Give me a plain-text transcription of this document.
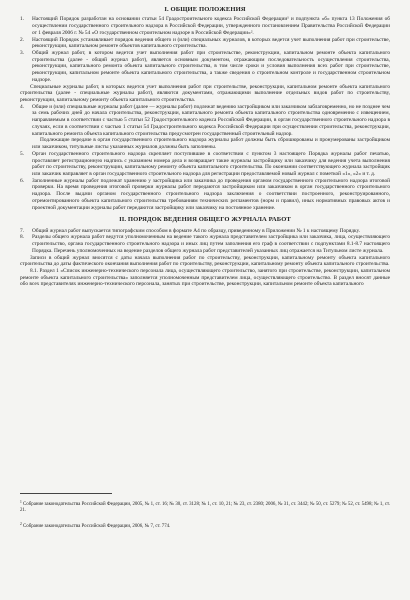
I. ОБЩИЕ ПОЛОЖЕНИЯ

1. Настоящий Порядок разработан на основании статьи 54 Градостроительного кодекса Российской Федерации¹ и подпункта «б» пункта 13 Положения об осуществлении государственного строительного надзора в Российской Федерации, утвержденного постановлением Правительства Российской Федерации от 1 февраля 2006 г. № 54 «О государственном строительном надзоре в Российской Федерации»².

2. Настоящий Порядок устанавливает порядок ведения общего и (или) специальных журналов, в которых ведется учет выполнения работ при строительстве, реконструкции, капитальном ремонте объектов капитального строительства.

3. Общий журнал работ, в котором ведется учет выполнения работ при строительстве, реконструкции, капитальном ремонте объекта капитального строительства (далее - общий журнал работ), является основным документом, отражающим последовательность осуществления строительства, реконструкции, капитального ремонта объекта капитального строительства, в том числе сроки и условия выполнения всех работ при строительстве, реконструкции, капитальном ремонте объекта капитального строительства, а также сведения о строительном контроле и государственном строительном надзоре.

Специальные журналы работ, в которых ведется учет выполнения работ при строительстве, реконструкции, капитальном ремонте объекта капитального строительства (далее - специальные журналы работ), являются документами, отражающими выполнение отдельных видов работ по строительству, реконструкции, капитальному ремонту объекта капитального строительства.

4. Общие и (или) специальные журналы работ (далее — журналы работ) подлежат ведению застройщиком или заказчиком заблаговременно, но не позднее чем за семь рабочих дней до начала строительства, реконструкции, капитального ремонта объекта капитального строительства одновременно с извещением, направляемым в соответствии с частью 5 статьи 52 Градостроительного кодекса Российской Федерации, в орган государственного строительного надзора в случаях, если в соответствии с частью 1 статьи 54 Градостроительного кодекса Российской Федерации при осуществлении строительства, реконструкции, капитального ремонта объекта капитального строительства предусмотрен государственный строительный надзор.

Подлежащие передаче в орган государственного строительного надзора журналы работ должны быть сброшюрованы и пронумерованы застройщиком или заказчиком, титульные листы указанных журналов должны быть заполнены.

5. Орган государственного строительного надзора скрепляет поступившие в соответствии с пунктом 3 настоящего Порядка журналы работ печатью, проставляет регистрационную надпись с указанием номера дела и возвращает такие журналы застройщику или заказчику для ведения учета выполнения работ по строительству, реконструкции, капитальному ремонту объекта капитального строительства. По окончании соответствующего журнала застройщик или заказчик направляет в орган государственного строительного надзора для регистрации предоставляемой новый журнал с пометкой «1», «2» и т. д.

6. Заполненные журналы работ подлежат хранению у застройщика или заказчика до проведения органом государственного строительного надзора итоговой проверки. На время проведения итоговой проверки журналы работ передаются застройщиком или заказчиком в орган государственного строительного надзора. После выдачи органом государственного строительного надзора заключения о соответствии построенного, реконструированного, отремонтированного объекта капитального строительства требованиям технических регламентов (норм и правил), иных нормативных правовых актов и проектной документации журналы работ передаются застройщику или заказчику на постоянное хранение.

II. ПОРЯДОК ВЕДЕНИЯ ОБЩЕГО ЖУРНАЛА РАБОТ

7. Общий журнал работ выпускается типографским способом в формате А4 по образцу, приведенному в Приложении № 1 к настоящему Порядку.

8. Разделы общего журнала работ ведутся уполномоченным на ведение такого журнала представителем застройщика или заказчика, лица, осуществляющего строительство, органа государственного строительного надзора и иных лиц путем заполнения его граф в соответствии с подпунктами 8.1-8.7 настоящего Порядка. Перечень уполномоченных на ведение разделов общего журнала работ представителей указанных лиц отражается на Титульном листе журнала.

Записи в общий журнал вносятся с даты начала выполнения работ по строительству, реконструкции, капитальному ремонту объекта капитального строительства до даты фактического окончания выполнения работ по строительству, реконструкции, капитальному ремонту объекта капитального строительства.

8.1. Раздел 1 «Список инженерно-технического персонала лица, осуществляющего строительство, занятого при строительстве, реконструкции, капитальном ремонте объекта капитального строительства» заполняется уполномоченным представителем лица, осуществляющего строительство. В раздел вносят данные обо всех представителях инженерно-технического персонала, занятых при строительстве, реконструкции, капитальном ремонте объекта капитального

$^1$ Собрание законодательства Российской Федерации, 2005, № 1, ст. 16; № 30, ст. 3128; № 1, ст. 10, 21; № 23, ст. 2380; 2006, № 31, ст. 3442; № 50, ст. 5279; № 52, ст. 5498; № 1, ст. 21.

$^2$ Собрание законодательства Российской Федерации, 2006, № 7, ст. 774.
